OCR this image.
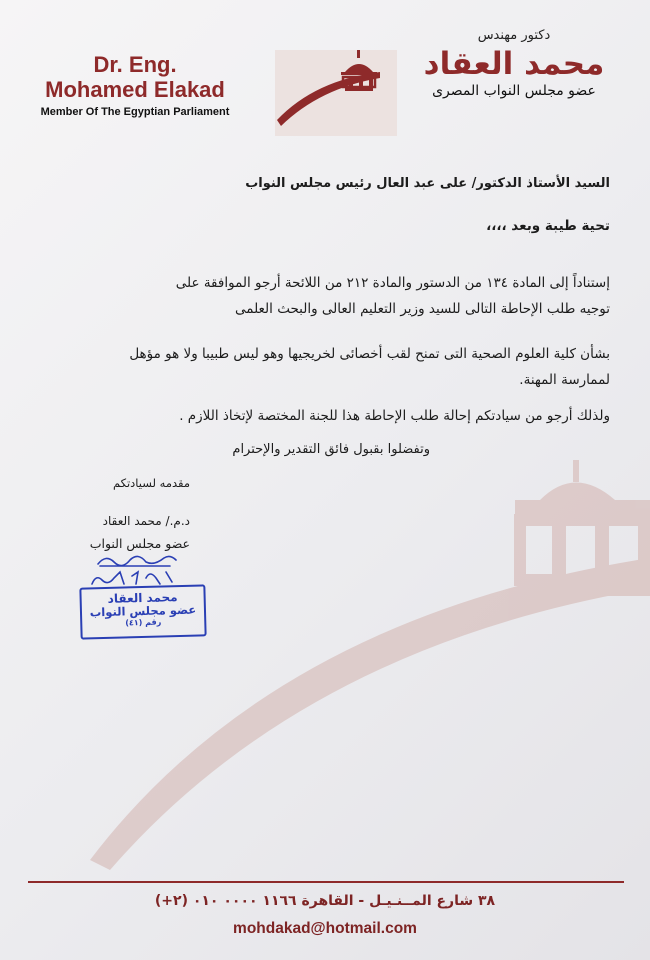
Dr. Eng.
Mohamed Elakad
Member Of The Egyptian Parliament
دكتور مهندس
محمد العقاد
عضو مجلس النواب المصرى
السيد الأستاذ الدكتور/ على عبد العال رئيس مجلس النواب
تحية طيبة وبعد ،،،،
إستناداً إلى المادة ١٣٤ من الدستور والمادة ٢١٢ من اللائحة أرجو الموافقة على
توجيه طلب الإحاطة التالى للسيد وزير التعليم العالى والبحث العلمى
بشأن كلية العلوم الصحية التى تمنح لقب أخصائى لخريجيها وهو ليس طبيبا ولا هو مؤهل
لممارسة المهنة.
ولذلك أرجو من سيادتكم إحالة طلب الإحاطة هذا للجنة المختصة لإتخاذ اللازم .
وتفضلوا بقبول فائق التقدير والإحترام
مقدمه لسيادتكم
د.م./ محمد العقاد
عضو مجلس النواب
محمد العقاد
عضو مجلس النواب
رقم (٤١)
٣٨ شارع المــنـيـل - القاهرة ١١٦٦ ٠٠٠٠ ٠١٠ (٢+)
mohdakad@hotmail.com
